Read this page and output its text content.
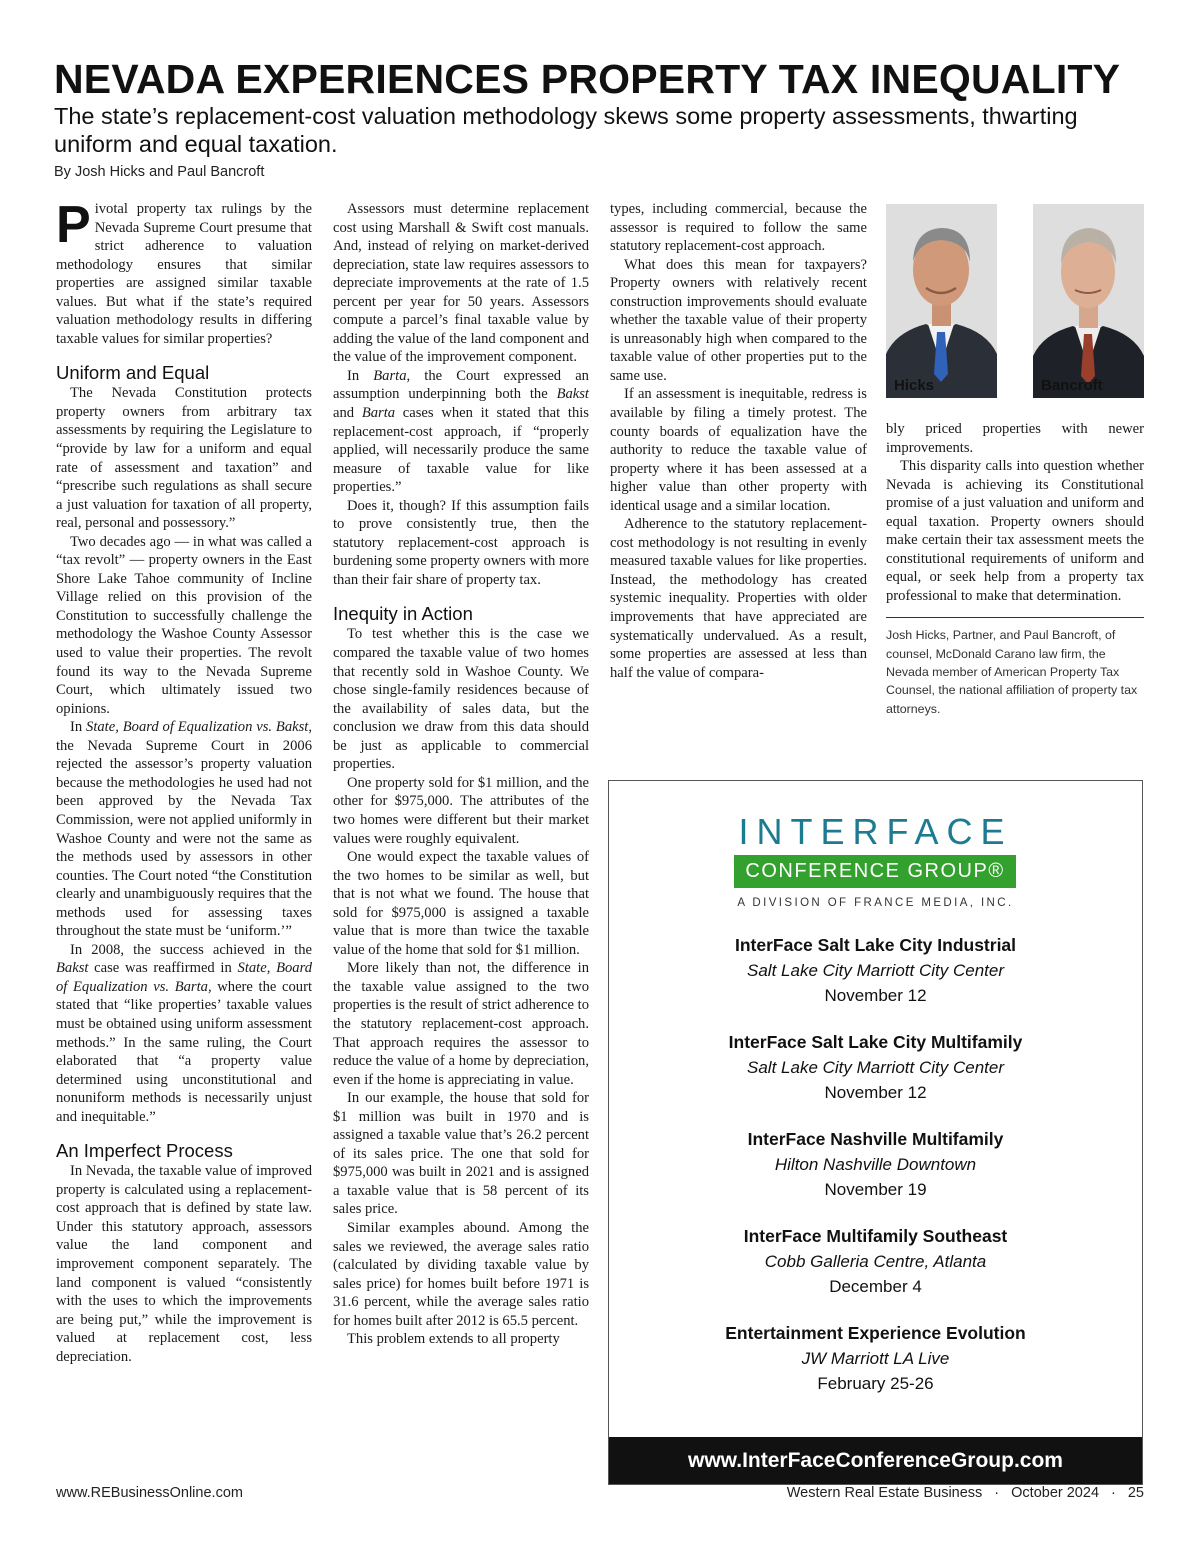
NEVADA EXPERIENCES PROPERTY TAX INEQUALITY
The state’s replacement-cost valuation methodology skews some property assessments, thwarting uniform and equal taxation.
By Josh Hicks and Paul Bancroft

Pivotal property tax rulings by the Nevada Supreme Court presume that strict adherence to valuation methodology ensures that similar properties are assigned similar taxable values. But what if the state’s required valuation methodology results in differing taxable values for similar properties?

Uniform and Equal

The Nevada Constitution protects property owners from arbitrary tax assessments by requiring the Legislature to “provide by law for a uniform and equal rate of assessment and taxation” and “prescribe such regulations as shall secure a just valuation for taxation of all property, real, personal and possessory.”

Two decades ago — in what was called a “tax revolt” — property owners in the East Shore Lake Tahoe community of Incline Village relied on this provision of the Constitution to successfully challenge the methodology the Washoe County Assessor used to value their properties. The revolt found its way to the Nevada Supreme Court, which ultimately issued two opinions.

In State, Board of Equalization vs. Bakst, the Nevada Supreme Court in 2006 rejected the assessor’s property valuation because the methodologies he used had not been approved by the Nevada Tax Commission, were not applied uniformly in Washoe County and were not the same as the methods used by assessors in other counties. The Court noted “the Constitution clearly and unambiguously requires that the methods used for assessing taxes throughout the state must be ‘uniform.’”

In 2008, the success achieved in the Bakst case was reaffirmed in State, Board of Equalization vs. Barta, where the court stated that “like properties’ taxable values must be obtained using uniform assessment methods.” In the same ruling, the Court elaborated that “a property value determined using unconstitutional and nonuniform methods is necessarily unjust and inequitable.”

An Imperfect Process

In Nevada, the taxable value of improved property is calculated using a replacement-cost approach that is defined by state law. Under this statutory approach, assessors value the land component and improvement component separately. The land component is valued “consistently with the uses to which the improvements are being put,” while the improvement is valued at replacement cost, less depreciation.

Assessors must determine replacement cost using Marshall & Swift cost manuals. And, instead of relying on market-derived depreciation, state law requires assessors to depreciate improvements at the rate of 1.5 percent per year for 50 years. Assessors compute a parcel’s final taxable value by adding the value of the land component and the value of the improvement component.

In Barta, the Court expressed an assumption underpinning both the Bakst and Barta cases when it stated that this replacement-cost approach, if “properly applied, will necessarily produce the same measure of taxable value for like properties.”

Does it, though? If this assumption fails to prove consistently true, then the statutory replacement-cost approach is burdening some property owners with more than their fair share of property tax.

Inequity in Action

To test whether this is the case we compared the taxable value of two homes that recently sold in Washoe County. We chose single-family residences because of the availability of sales data, but the conclusion we draw from this data should be just as applicable to commercial properties.

One property sold for $1 million, and the other for $975,000. The attributes of the two homes were different but their market values were roughly equivalent.

One would expect the taxable values of the two homes to be similar as well, but that is not what we found. The house that sold for $975,000 is assigned a taxable value that is more than twice the taxable value of the home that sold for $1 million.

More likely than not, the difference in the taxable value assigned to the two properties is the result of strict adherence to the statutory replacement-cost approach. That approach requires the assessor to reduce the value of a home by depreciation, even if the home is appreciating in value.

In our example, the house that sold for $1 million was built in 1970 and is assigned a taxable value that’s 26.2 percent of its sales price. The one that sold for $975,000 was built in 2021 and is assigned a taxable value that is 58 percent of its sales price.

Similar examples abound. Among the sales we reviewed, the average sales ratio (calculated by dividing taxable value by sales price) for homes built before 1971 is 31.6 percent, while the average sales ratio for homes built after 2012 is 65.5 percent.

This problem extends to all property

types, including commercial, because the assessor is required to follow the same statutory replacement-cost approach.

What does this mean for taxpayers? Property owners with relatively recent construction improvements should evaluate whether the taxable value of their property is unreasonably high when compared to the taxable value of other properties put to the same use.

If an assessment is inequitable, redress is available by filing a timely protest. The county boards of equalization have the authority to reduce the taxable value of property where it has been assessed at a higher value than other property with identical usage and a similar location.

Adherence to the statutory replacement-cost methodology is not resulting in evenly measured taxable values for like properties. Instead, the methodology has created systemic inequality. Properties with older improvements that have appreciated are systematically undervalued. As a result, some properties are assessed at less than half the value of compara-

Hicks	Bancroft

bly priced properties with newer improvements.

This disparity calls into question whether Nevada is achieving its Constitutional promise of a just valuation and uniform and equal taxation. Property owners should make certain their tax assessment meets the constitutional requirements of uniform and equal, or seek help from a property tax professional to make that determination.

Josh Hicks, Partner, and Paul Bancroft, of counsel, McDonald Carano law firm, the Nevada member of American Property Tax Counsel, the national affiliation of property tax attorneys.
INTERFACE
CONFERENCE GROUP®
A DIVISION OF FRANCE MEDIA, INC.
InterFace Salt Lake City Industrial
Salt Lake City Marriott City Center
November 12
InterFace Salt Lake City Multifamily
Salt Lake City Marriott City Center
November 12
InterFace Nashville Multifamily
Hilton Nashville Downtown
November 19
InterFace Multifamily Southeast
Cobb Galleria Centre, Atlanta
December 4
Entertainment Experience Evolution
JW Marriott LA Live
February 25-26
www.InterFaceConferenceGroup.com
www.REBusinessOnline.com	Western Real Estate Business · October 2024 · 25
